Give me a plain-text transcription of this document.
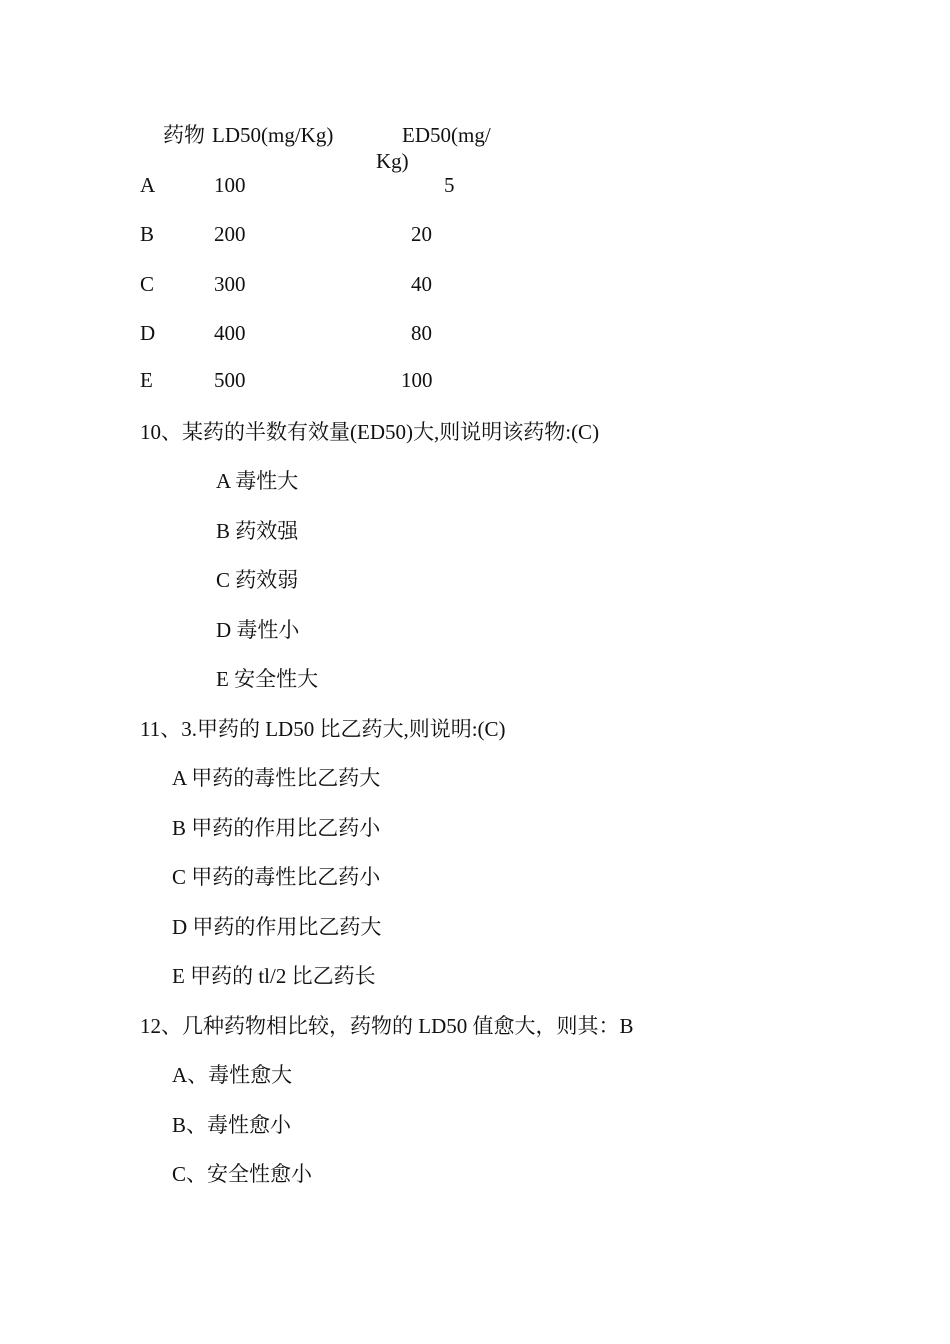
药物 LD50(mg/Kg)	ED50(mg/
Kg)
A	100	5
B	200	20
C	300	40
D	400	80
E	500	100
10、某药的半数有效量(ED50)大,则说明该药物:(C)
A 毒性大
B 药效强
C 药效弱
D 毒性小
E 安全性大
11、3.甲药的 LD50 比乙药大,则说明:(C)
A 甲药的毒性比乙药大
B 甲药的作用比乙药小
C 甲药的毒性比乙药小
D 甲药的作用比乙药大
E 甲药的 tl/2 比乙药长
12、几种药物相比较，药物的 LD50 值愈大，则其：B
A、毒性愈大
B、毒性愈小
C、安全性愈小
